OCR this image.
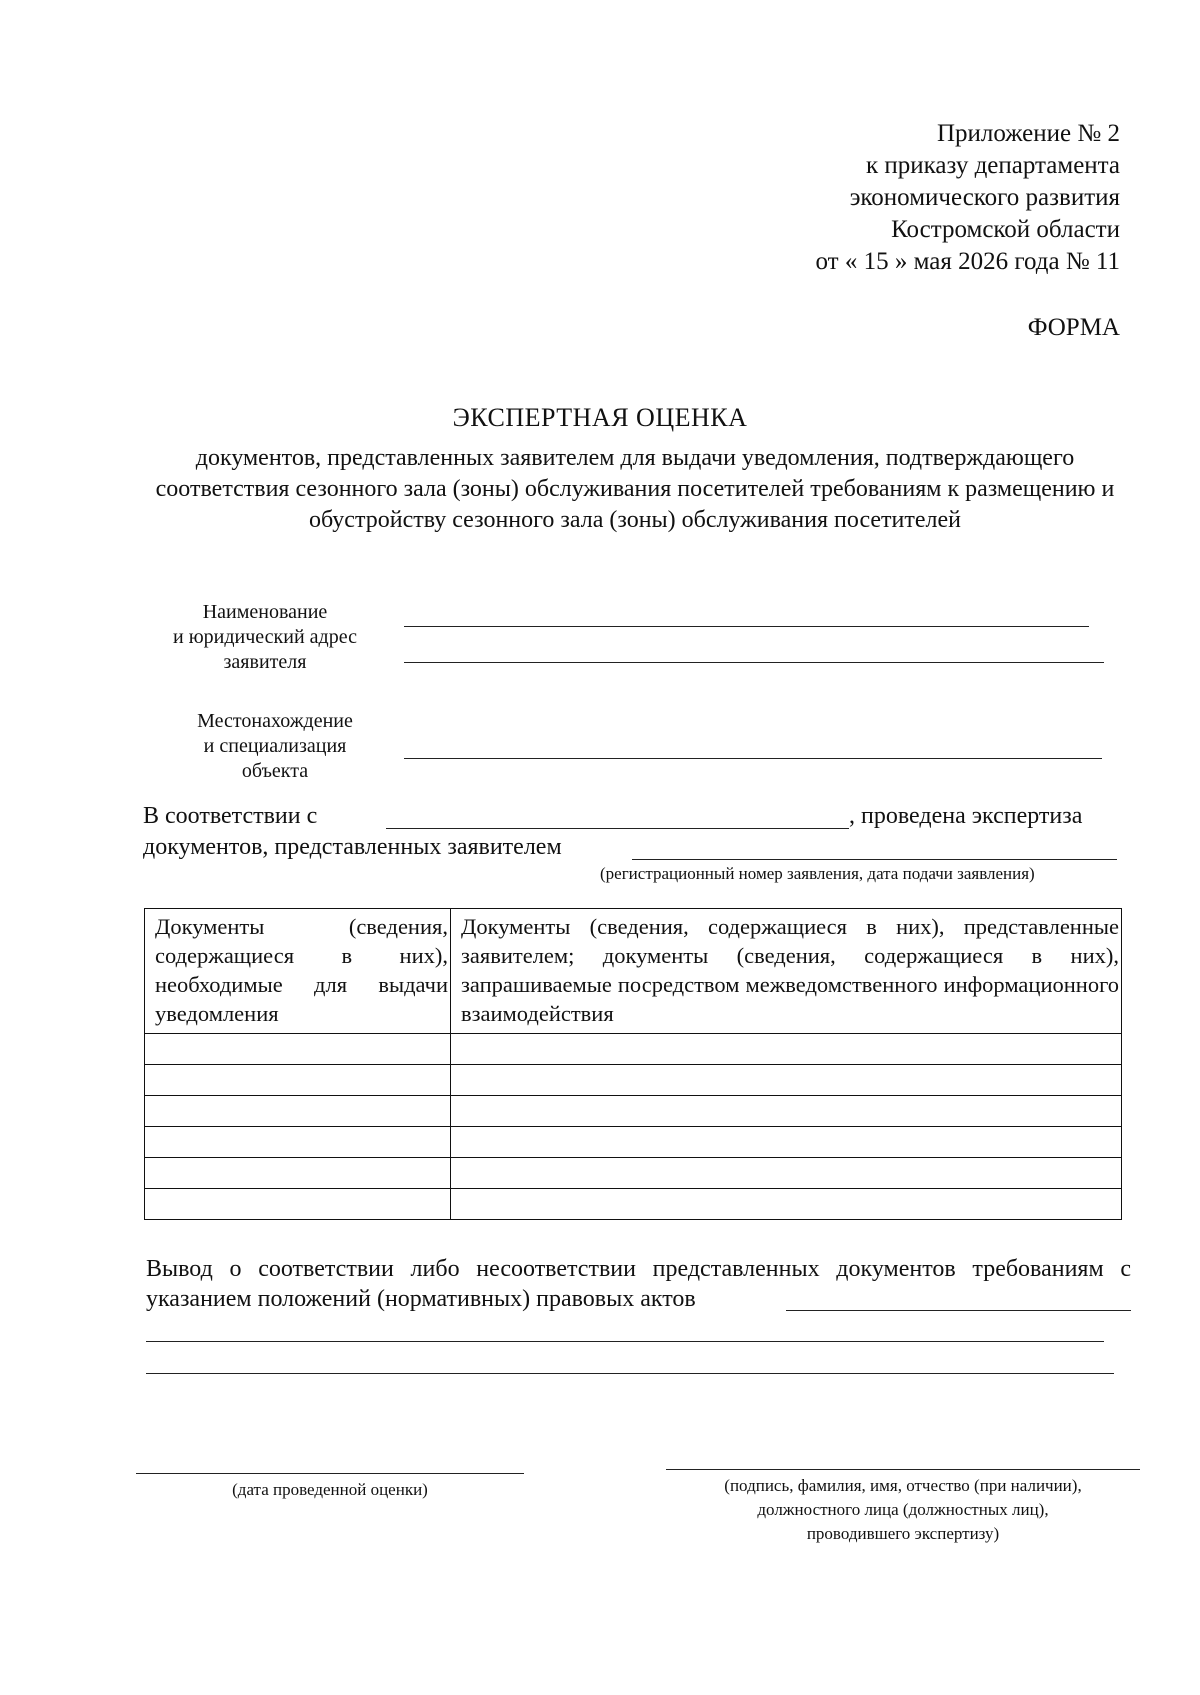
Приложение № 2
к приказу департамента
экономического развития
Костромской области
от « 15 » мая 2026 года № 11
ФОРМА
ЭКСПЕРТНАЯ ОЦЕНКА
документов, представленных заявителем для выдачи уведомления, подтверждающего соответствия сезонного зала (зоны) обслуживания посетителей требованиям к размещению и обустройству сезонного зала (зоны) обслуживания посетителей
Наименование
и юридический адрес
заявителя
Местонахождение
и специализация
объекта
В соответствии с	, проведена экспертиза
документов, представленных заявителем
(регистрационный номер заявления, дата подачи заявления)
Документы (сведения, содержащиеся в них), необходимые для выдачи уведомления	Документы (сведения, содержащиеся в них), представленные заявителем; документы (сведения, содержащиеся в них), запрашиваемые посредством межведомственного информационного взаимодействия

Вывод о соответствии либо несоответствии представленных документов требованиям с указанием положений (нормативных) правовых актов
(дата проведенной оценки)	(подпись, фамилия, имя, отчество (при наличии),
должностного лица (должностных лиц),
проводившего экспертизу)
